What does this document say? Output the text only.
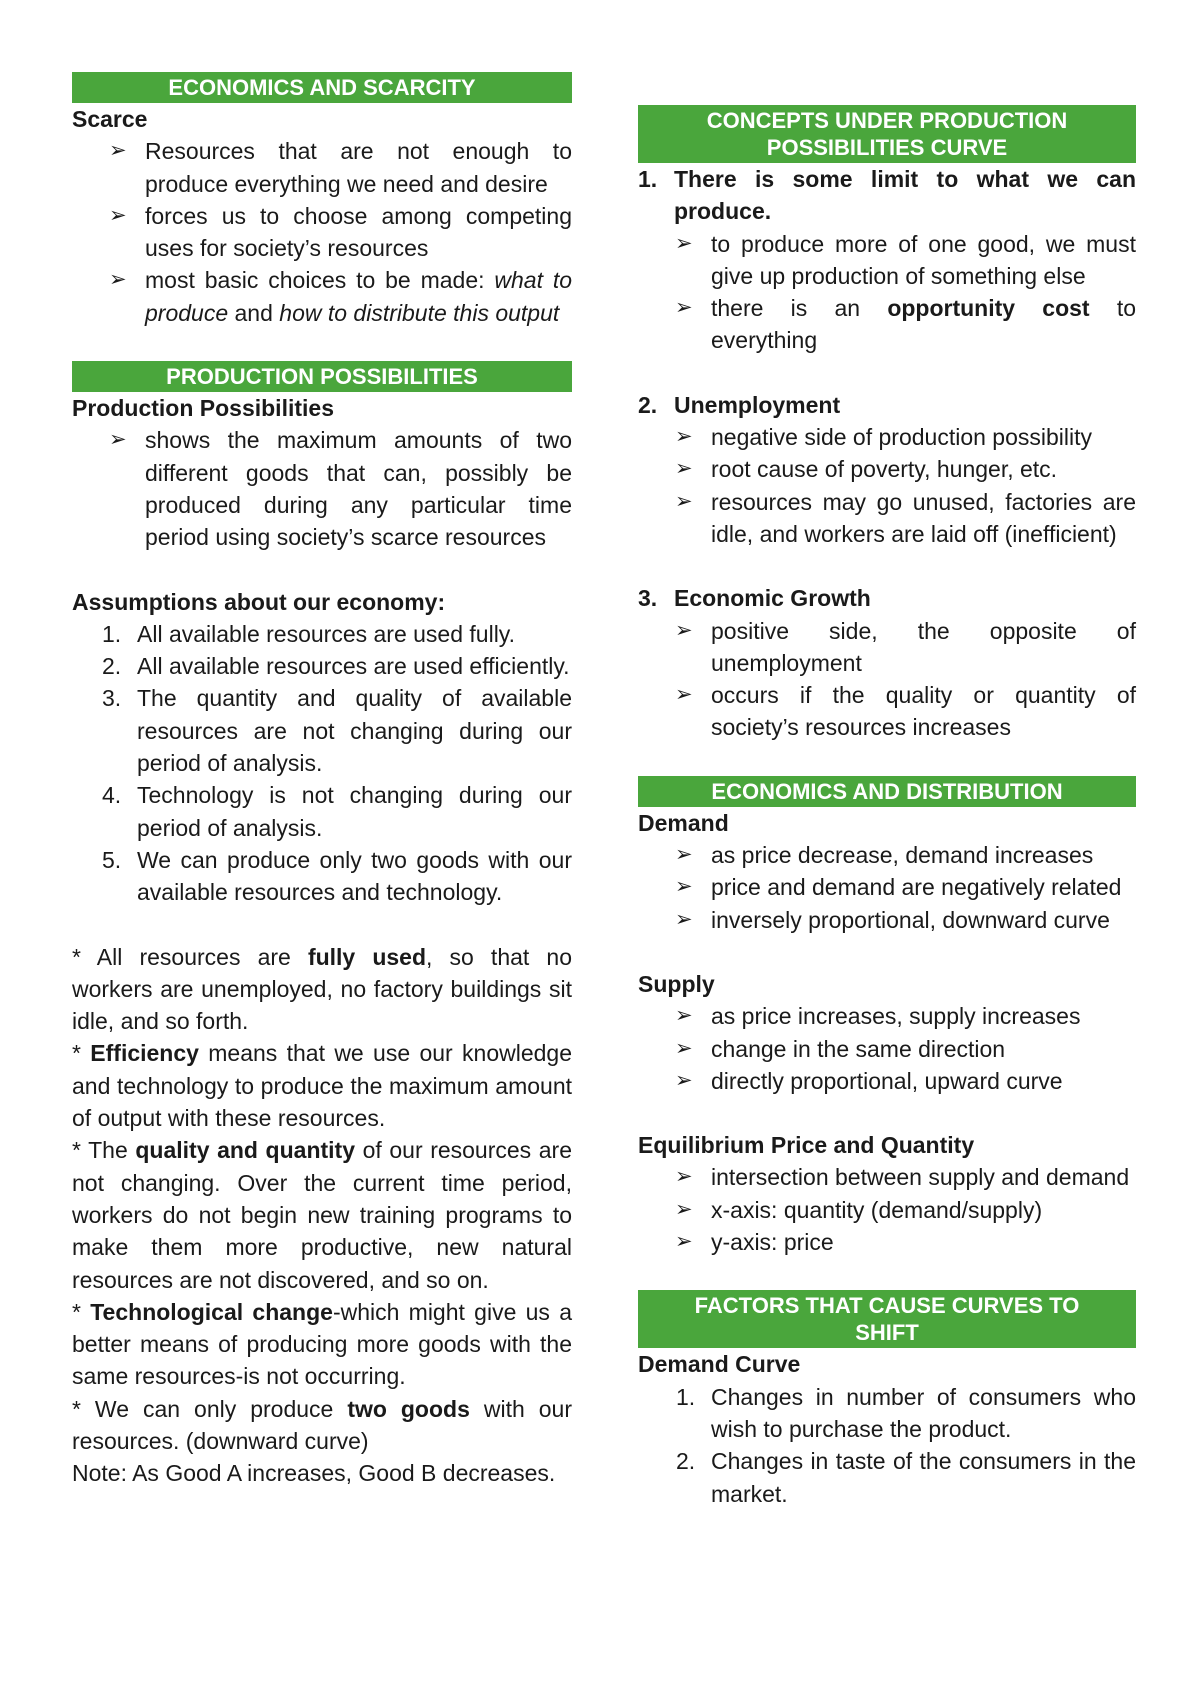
ECONOMICS AND SCARCITY
Scarce
➢ Resources that are not enough to produce everything we need and desire
➢ forces us to choose among competing uses for society’s resources
➢ most basic choices to be made: what to produce and how to distribute this output
PRODUCTION POSSIBILITIES
Production Possibilities
➢ shows the maximum amounts of two different goods that can, possibly be produced during any particular time period using society’s scarce resources
Assumptions about our economy:
1. All available resources are used fully.
2. All available resources are used efficiently.
3. The quantity and quality of available resources are not changing during our period of analysis.
4. Technology is not changing during our period of analysis.
5. We can produce only two goods with our available resources and technology.

* All resources are fully used, so that no workers are unemployed, no factory buildings sit idle, and so forth.

* Efficiency means that we use our knowledge and technology to produce the maximum amount of output with these resources.

* The quality and quantity of our resources are not changing. Over the current time period, workers do not begin new training programs to make them more productive, new natural resources are not discovered, and so on.

* Technological change-which might give us a better means of producing more goods with the same resources-is not occurring.

* We can only produce two goods with our resources. (downward curve)

Note: As Good A increases, Good B decreases.

CONCEPTS UNDER PRODUCTION
POSSIBILITIES CURVE
1. There is some limit to what we can produce.
➢ to produce more of one good, we must give up production of something else
➢ there is an opportunity cost to everything
2. Unemployment
➢ negative side of production possibility
➢ root cause of poverty, hunger, etc.
➢ resources may go unused, factories are idle, and workers are laid off (inefficient)
3. Economic Growth
➢ positive side, the opposite of unemployment
➢ occurs if the quality or quantity of society’s resources increases
ECONOMICS AND DISTRIBUTION
Demand
➢ as price decrease, demand increases
➢ price and demand are negatively related
➢ inversely proportional, downward curve
Supply
➢ as price increases, supply increases
➢ change in the same direction
➢ directly proportional, upward curve
Equilibrium Price and Quantity
➢ intersection between supply and demand
➢ x-axis: quantity (demand/supply)
➢ y-axis: price
FACTORS THAT CAUSE CURVES TO
SHIFT
Demand Curve
1. Changes in number of consumers who wish to purchase the product.
2. Changes in taste of the consumers in the market.
